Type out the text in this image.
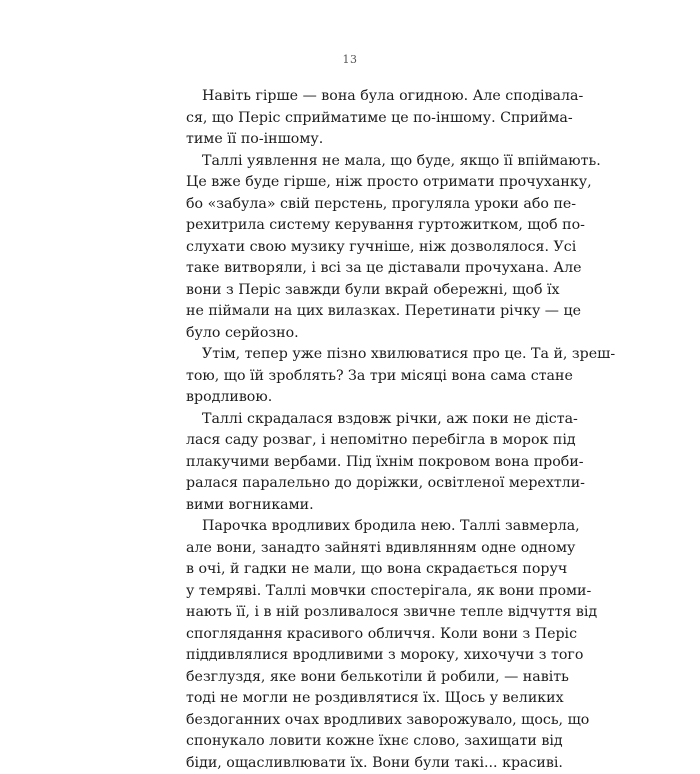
13
Навіть гірше — вона була огидною. Але сподівала-
ся, що Періс сприйматиме це по-іншому. Сприйма-
тиме її по-іншому.
Таллі уявлення не мала, що буде, якщо її впіймають.
Це вже буде гірше, ніж просто отримати прочуханку,
бо «забула» свій перстень, прогуляла уроки або пе-
рехитрила систему керування гуртожитком, щоб по-
слухати свою музику гучніше, ніж дозволялося. Усі
таке витворяли, і всі за це діставали прочухана. Але
вони з Періс завжди були вкрай обережні, щоб їх
не піймали на цих вилазках. Перетинати річку — це
було серйозно.
Утім, тепер уже пізно хвилюватися про це. Та й, зреш-
тою, що їй зроблять? За три місяці вона сама стане
вродливою.
Таллі скрадалася вздовж річки, аж поки не діста-
лася саду розваг, і непомітно перебігла в морок під
плакучими вербами. Під їхнім покровом вона проби-
ралася паралельно до доріжки, освітленої мерехтли-
вими вогниками.
Парочка вродливих бродила нею. Таллі завмерла,
але вони, занадто зайняті вдивлянням одне одному
в очі, й гадки не мали, що вона скрадається поруч
у темряві. Таллі мовчки спостерігала, як вони проми-
нають її, і в ній розливалося звичне тепле відчуття від
споглядання красивого обличчя. Коли вони з Періс
піддивлялися вродливими з мороку, хихочучи з того
безглуздя, яке вони белькотіли й робили, — навіть
тоді не могли не роздивлятися їх. Щось у великих
бездоганних очах вродливих заворожувало, щось, що
спонукало ловити кожне їхнє слово, захищати від
біди, ощасливлювати їх. Вони були такі... красиві.
